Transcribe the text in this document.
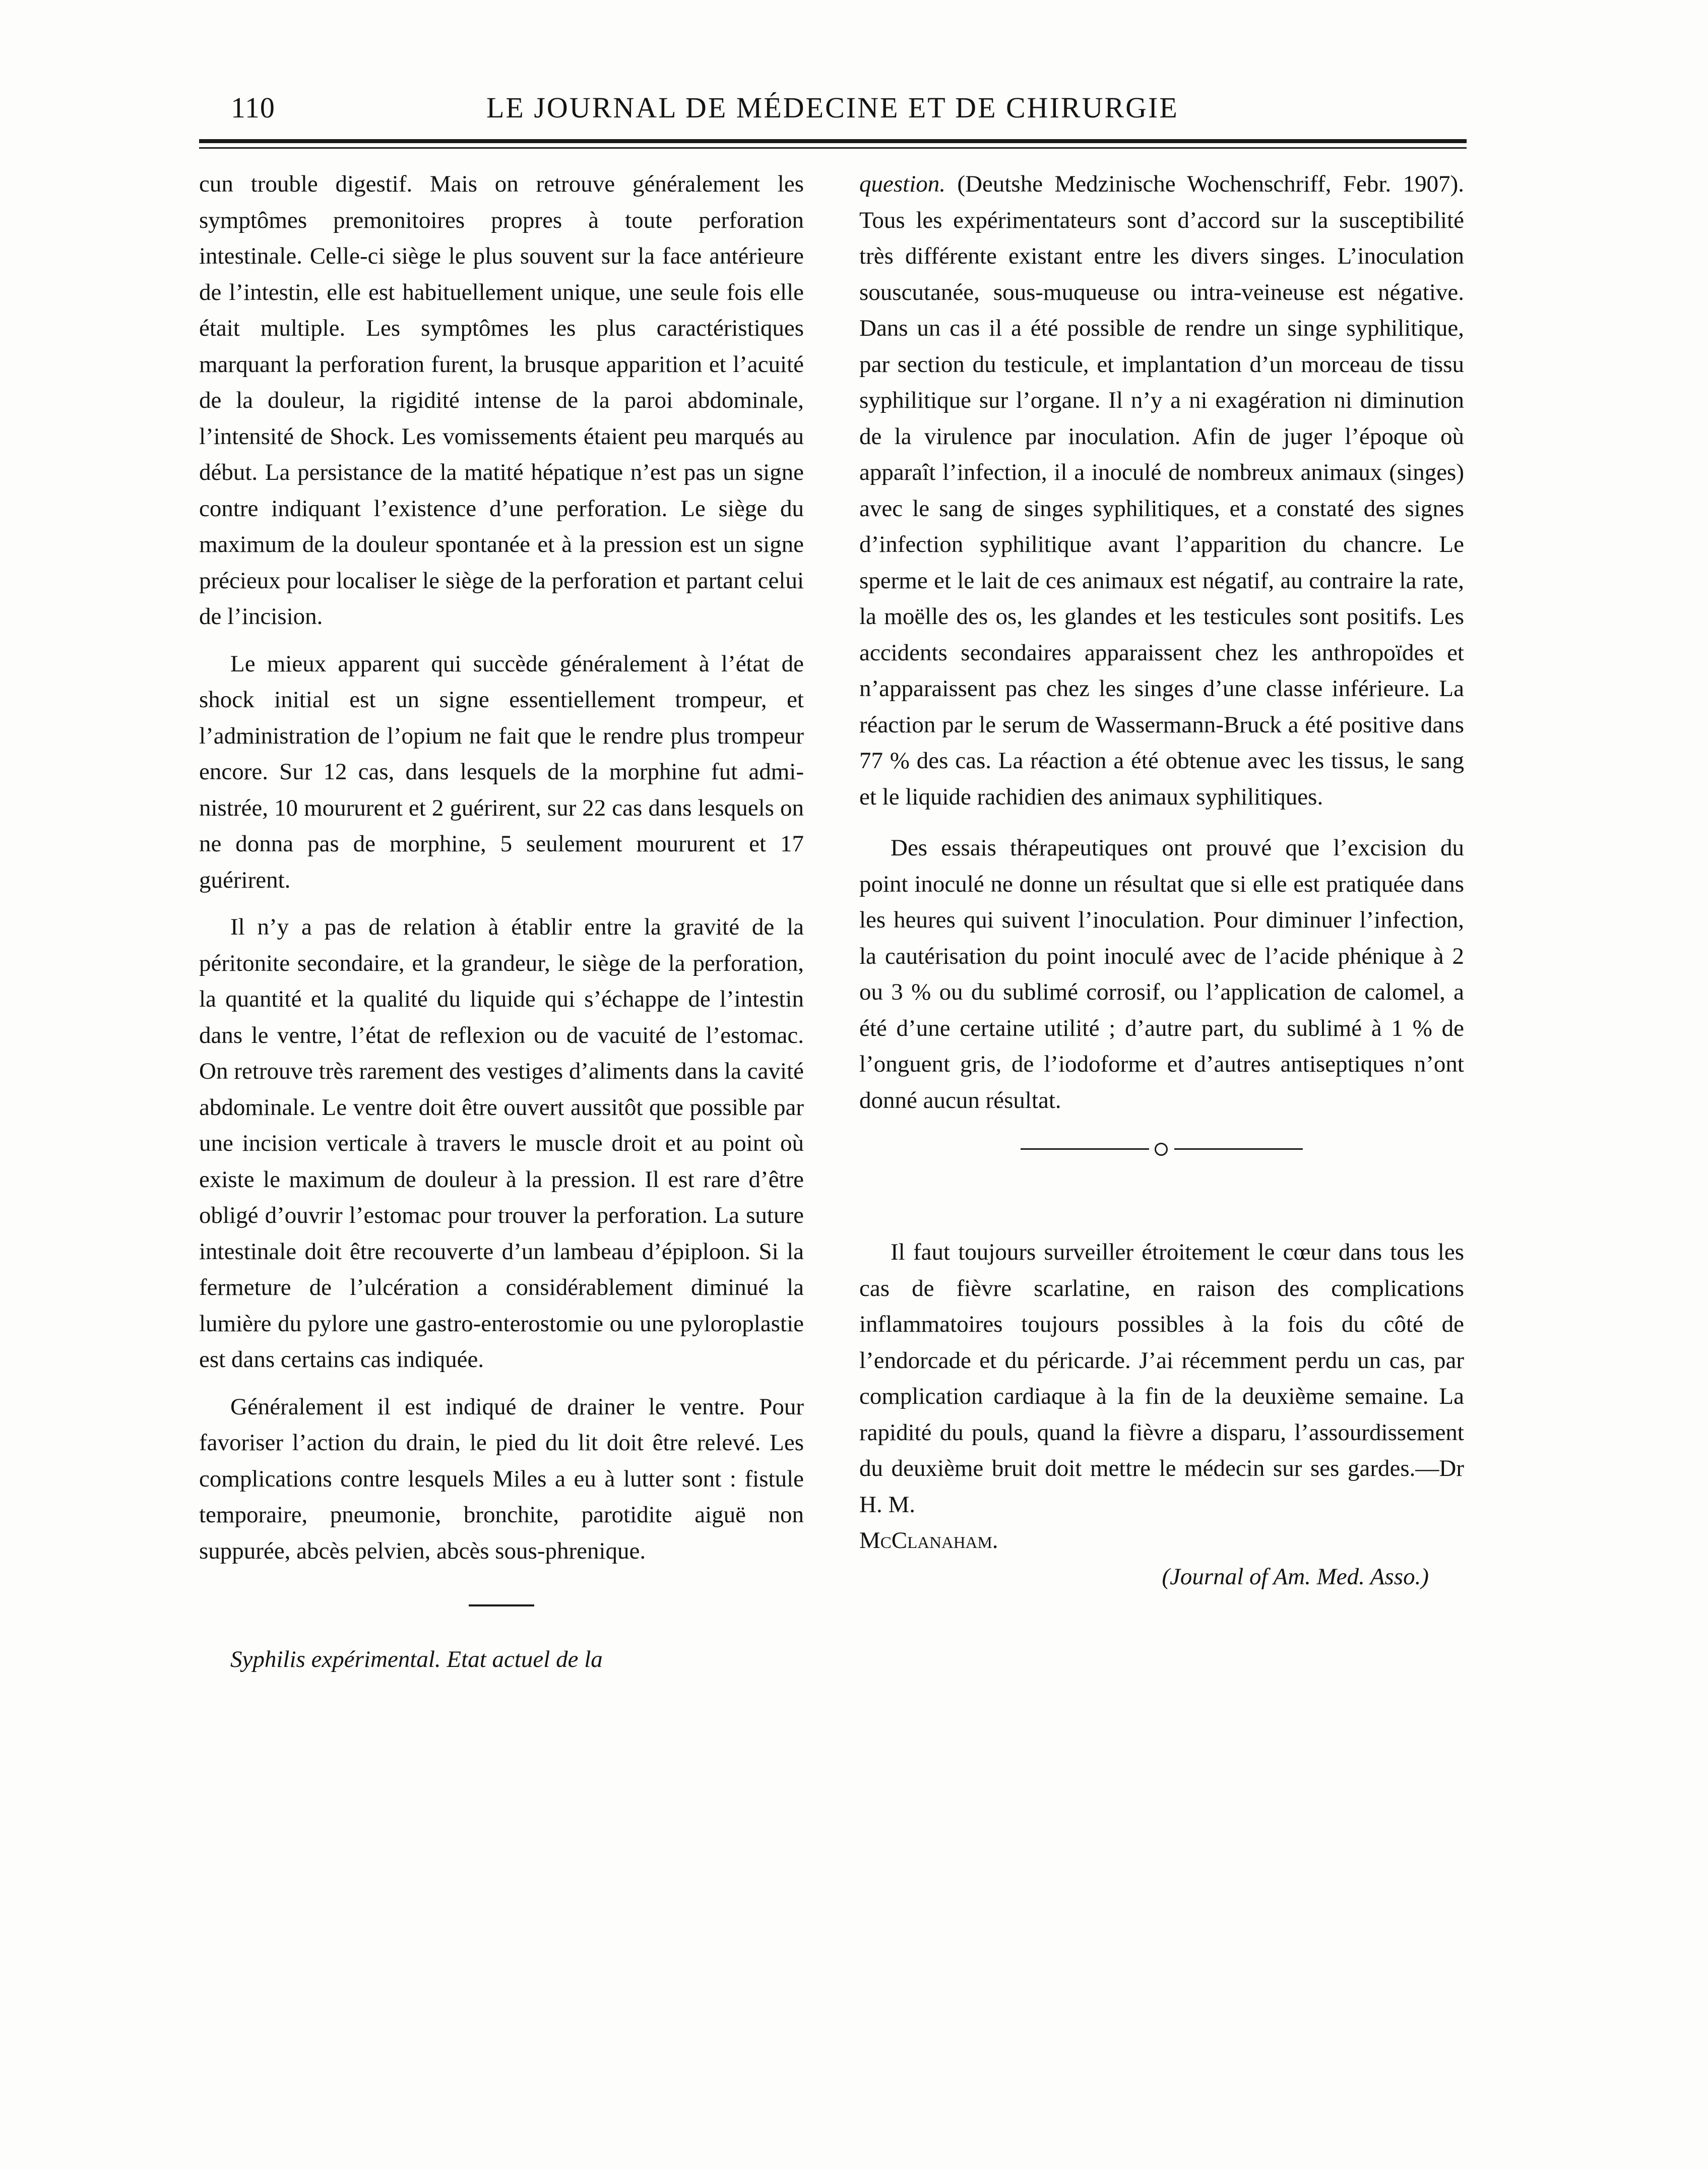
110	LE JOURNAL DE MÉDECINE ET DE CHIRURGIE

cun trouble digestif. Mais on retrouve généralement les symptômes premonitoires propres à toute perforation intestinale. Celle-ci siège le plus souvent sur la face antérieure de l’intestin, elle est habituellement unique, une seule fois elle était multiple. Les symptômes les plus caractéristiques marquant la perforation furent, la brusque apparition et l’acuité de la douleur, la rigidité intense de la paroi abdominale, l’intensité de Shock. Les vomissements étaient peu marqués au début. La persistance de la matité hépatique n’est pas un signe contre indiquant l’existence d’une perforation. Le siège du maximum de la douleur spontanée et à la pression est un signe précieux pour localiser le siège de la perforation et partant celui de l’incision.

Le mieux apparent qui succède généralement à l’état de shock initial est un signe essentiellement trompeur, et l’administration de l’opium ne fait que le rendre plus trompeur encore. Sur 12 cas, dans lesquels de la morphine fut administrée, 10 moururent et 2 guérirent, sur 22 cas dans lesquels on ne donna pas de morphine, 5 seulement moururent et 17 guérirent.

Il n’y a pas de relation à établir entre la gravité de la péritonite secondaire, et la grandeur, le siège de la perforation, la quantité et la qualité du liquide qui s’échappe de l’intestin dans le ventre, l’état de reflexion ou de vacuité de l’estomac. On retrouve très rarement des vestiges d’aliments dans la cavité abdominale. Le ventre doit être ouvert aussitôt que possible par une incision verticale à travers le muscle droit et au point où existe le maximum de douleur à la pression. Il est rare d’être obligé d’ouvrir l’estomac pour trouver la perforation. La suture intestinale doit être recouverte d’un lambeau d’épiploon. Si la fermeture de l’ulcération a considérablement diminué la lumière du pylore une gastro-enterostomie ou une pyloroplastie est dans certains cas indiquée.

Généralement il est indiqué de drainer le ventre. Pour favoriser l’action du drain, le pied du lit doit être relevé. Les complications contre lesquels Miles a eu à lutter sont : fistule temporaire, pneumonie, bronchite, parotidite aiguë non suppurée, abcès pelvien, abcès sous-phrenique.

Syphilis expérimental. Etat actuel de la

question. (Deutshe Medzinische Wochenschriff, Febr. 1907). Tous les expérimentateurs sont d’accord sur la susceptibilité très différente existant entre les divers singes. L’inoculation souscutanée, sous-muqueuse ou intra-veineuse est négative. Dans un cas il a été possible de rendre un singe syphilitique, par section du testicule, et implantation d’un morceau de tissu syphilitique sur l’organe. Il n’y a ni exagération ni diminution de la virulence par inoculation. Afin de juger l’époque où apparaît l’infection, il a inoculé de nombreux animaux (singes) avec le sang de singes syphilitiques, et a constaté des signes d’infection syphilitique avant l’apparition du chancre. Le sperme et le lait de ces animaux est négatif, au contraire la rate, la moëlle des os, les glandes et les testicules sont positifs. Les accidents secondaires apparaissent chez les anthropoïdes et n’apparaissent pas chez les singes d’une classe inférieure. La réaction par le serum de Wassermann-Bruck a été positive dans 77 % des cas. La réaction a été obtenue avec les tissus, le sang et le liquide rachidien des animaux syphilitiques.

Des essais thérapeutiques ont prouvé que l’excision du point inoculé ne donne un résultat que si elle est pratiquée dans les heures qui suivent l’inoculation. Pour diminuer l’infection, la cautérisation du point inoculé avec de l’acide phénique à 2 ou 3 % ou du sublimé corrosif, ou l’application de calomel, a été d’une certaine utilité ; d’autre part, du sublimé à 1 % de l’onguent gris, de l’iodoforme et d’autres antiseptiques n’ont donné aucun résultat.

Il faut toujours surveiller étroitement le cœur dans tous les cas de fièvre scarlatine, en raison des complications inflammatoires toujours possibles à la fois du côté de l’endorcade et du péricarde. J’ai récemment perdu un cas, par complication cardiaque à la fin de la deuxième semaine. La rapidité du pouls, quand la fièvre a disparu, l’assourdissement du deuxième bruit doit mettre le médecin sur ses gardes.—Dr H. M.
McClanaham.

(Journal of Am. Med. Asso.)
